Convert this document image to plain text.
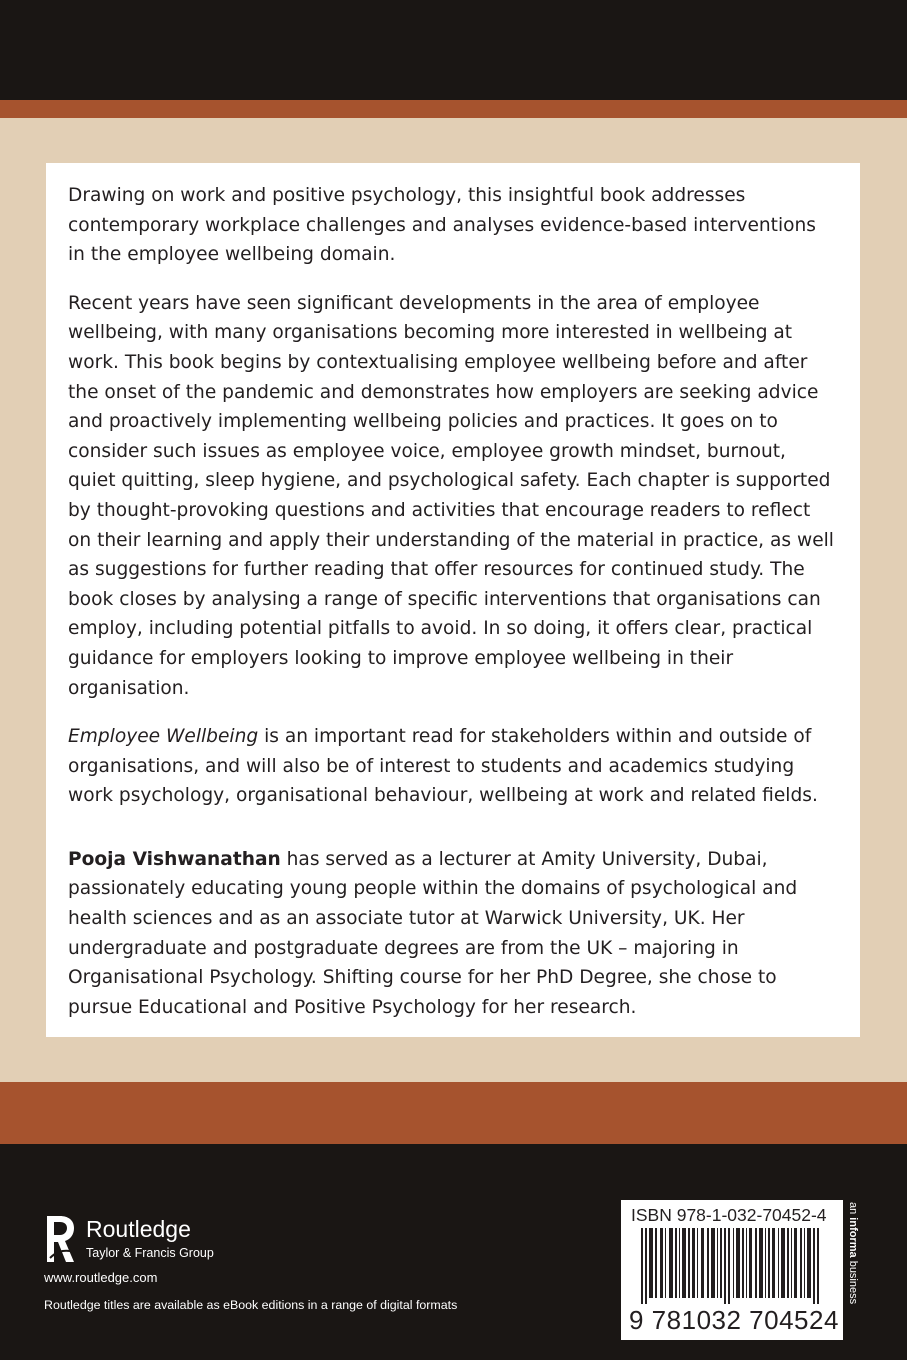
Drawing on work and positive psychology, this insightful book addresses contemporary workplace challenges and analyses evidence-based interventions in the employee wellbeing domain.

Recent years have seen significant developments in the area of employee wellbeing, with many organisations becoming more interested in wellbeing at work. This book begins by contextualising employee wellbeing before and after the onset of the pandemic and demonstrates how employers are seeking advice and proactively implementing wellbeing policies and practices. It goes on to consider such issues as employee voice, employee growth mindset, burnout, quiet quitting, sleep hygiene, and psychological safety. Each chapter is supported by thought-provoking questions and activities that encourage readers to reflect on their learning and apply their understanding of the material in practice, as well as suggestions for further reading that offer resources for continued study. The book closes by analysing a range of specific interventions that organisations can employ, including potential pitfalls to avoid. In so doing, it offers clear, practical guidance for employers looking to improve employee wellbeing in their organisation.

Employee Wellbeing is an important read for stakeholders within and outside of organisations, and will also be of interest to students and academics studying work psychology, organisational behaviour, wellbeing at work and related fields.

Pooja Vishwanathan has served as a lecturer at Amity University, Dubai, passionately educating young people within the domains of psychological and health sciences and as an associate tutor at Warwick University, UK. Her undergraduate and postgraduate degrees are from the UK – majoring in Organisational Psychology. Shifting course for her PhD Degree, she chose to pursue Educational and Positive Psychology for her research.

Routledge
Taylor & Francis Group
www.routledge.com
Routledge titles are available as eBook editions in a range of digital formats
ISBN 978-1-032-70452-4
9 781032 704524
an informa business
